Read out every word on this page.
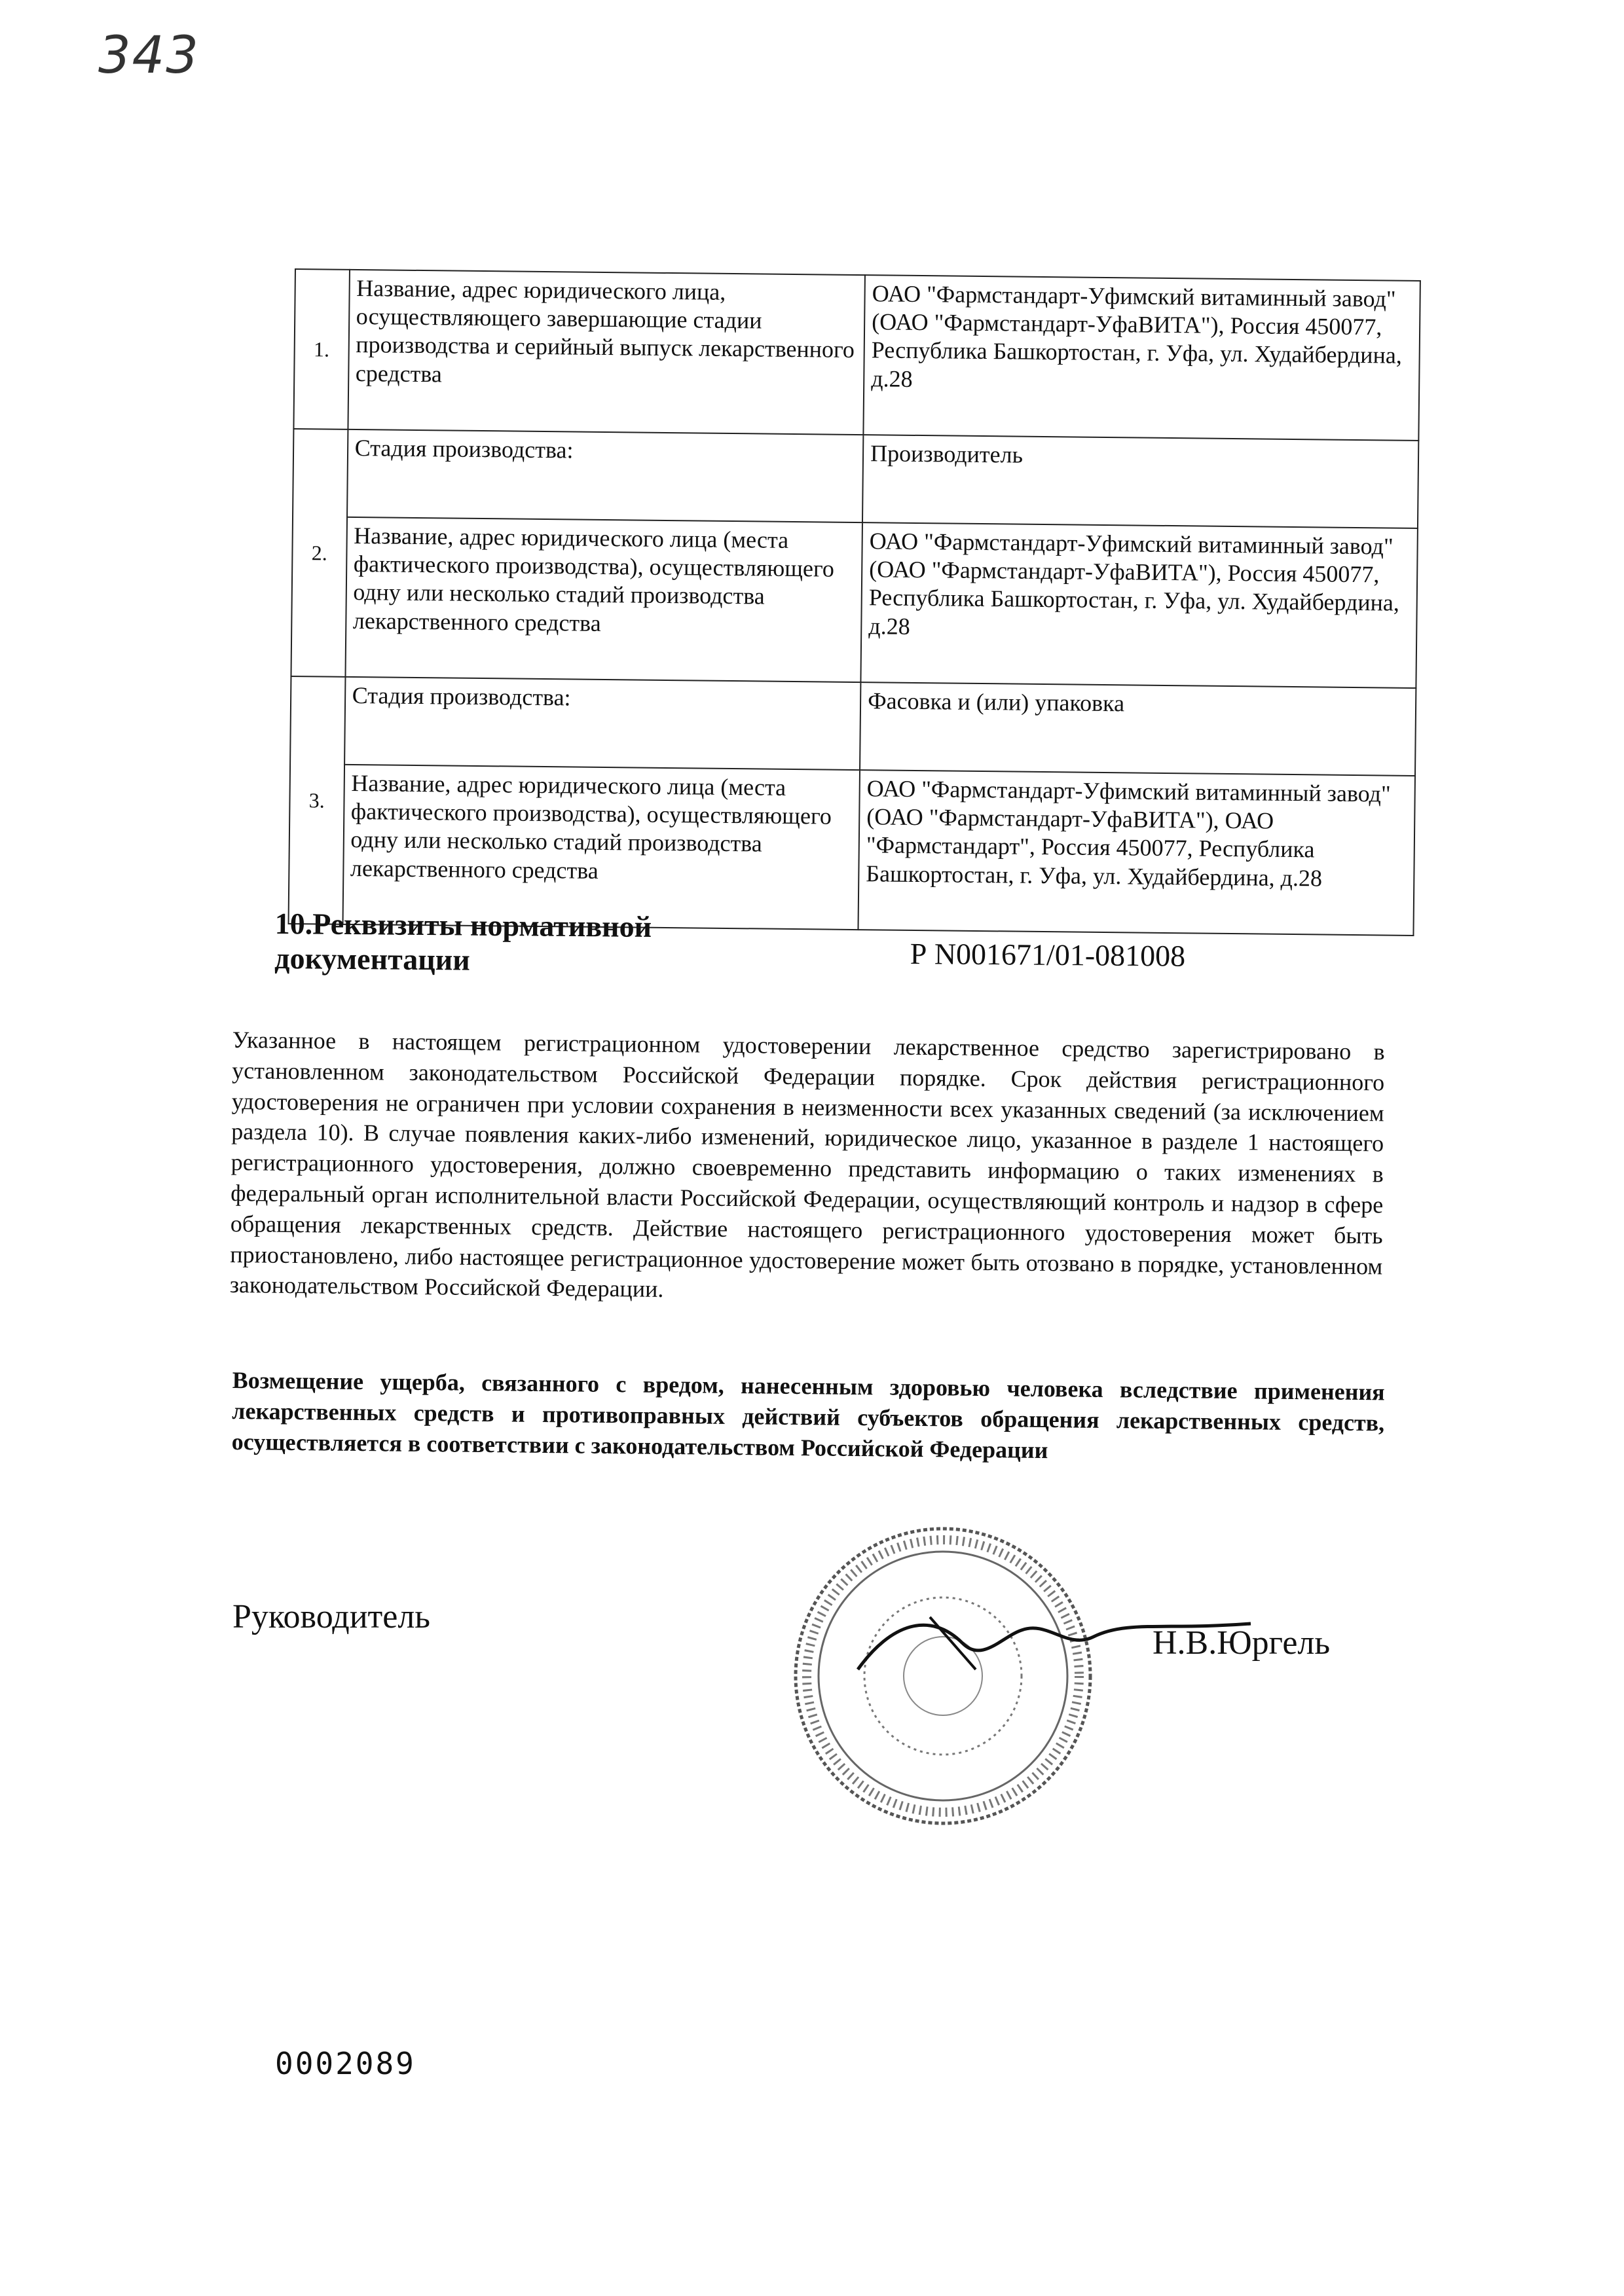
343
1.	Название, адрес юридического лица, осуществляющего завершающие стадии производства и серийный выпуск лекарственного средства	ОАО "Фармстандарт-Уфимский витаминный завод" (ОАО "Фармстандарт-УфаВИТА"), Россия 450077, Республика Башкортостан, г. Уфа, ул. Худайбердина, д.28
2.	Стадия производства:	Производитель
	Название, адрес юридического лица (места фактического производства), осуществляющего одну или несколько стадий производства лекарственного средства	ОАО "Фармстандарт-Уфимский витаминный завод" (ОАО "Фармстандарт-УфаВИТА"), Россия 450077, Республика Башкортостан, г. Уфа, ул. Худайбердина, д.28
3.	Стадия производства:	Фасовка и (или) упаковка
	Название, адрес юридического лица (места фактического производства), осуществляющего одну или несколько стадий производства лекарственного средства	ОАО "Фармстандарт-Уфимский витаминный завод" (ОАО "Фармстандарт-УфаВИТА"), ОАО "Фармстандарт", Россия 450077, Республика Башкортостан, г. Уфа, ул. Худайбердина, д.28
10.Реквизиты нормативной
документации	Р N001671/01-081008
Указанное в настоящем регистрационном удостоверении лекарственное средство зарегистрировано в установленном законодательством Российской Федерации порядке. Срок действия регистрационного удостоверения не ограничен при условии сохранения в неизменности всех указанных сведений (за исключением раздела 10). В случае появления каких-либо изменений, юридическое лицо, указанное в разделе 1 настоящего регистрационного удостоверения, должно своевременно представить информацию о таких изменениях в федеральный орган исполнительной власти Российской Федерации, осуществляющий контроль и надзор в сфере обращения лекарственных средств. Действие настоящего регистрационного удостоверения может быть приостановлено, либо настоящее регистрационное удостоверение может быть отозвано в порядке, установленном законодательством Российской Федерации.
Возмещение ущерба, связанного с вредом, нанесенным здоровью человека вследствие применения лекарственных средств и противоправных действий субъектов обращения лекарственных средств, осуществляется в соответствии с законодательством Российской Федерации
Руководитель
Н.В.Юргель
0002089
